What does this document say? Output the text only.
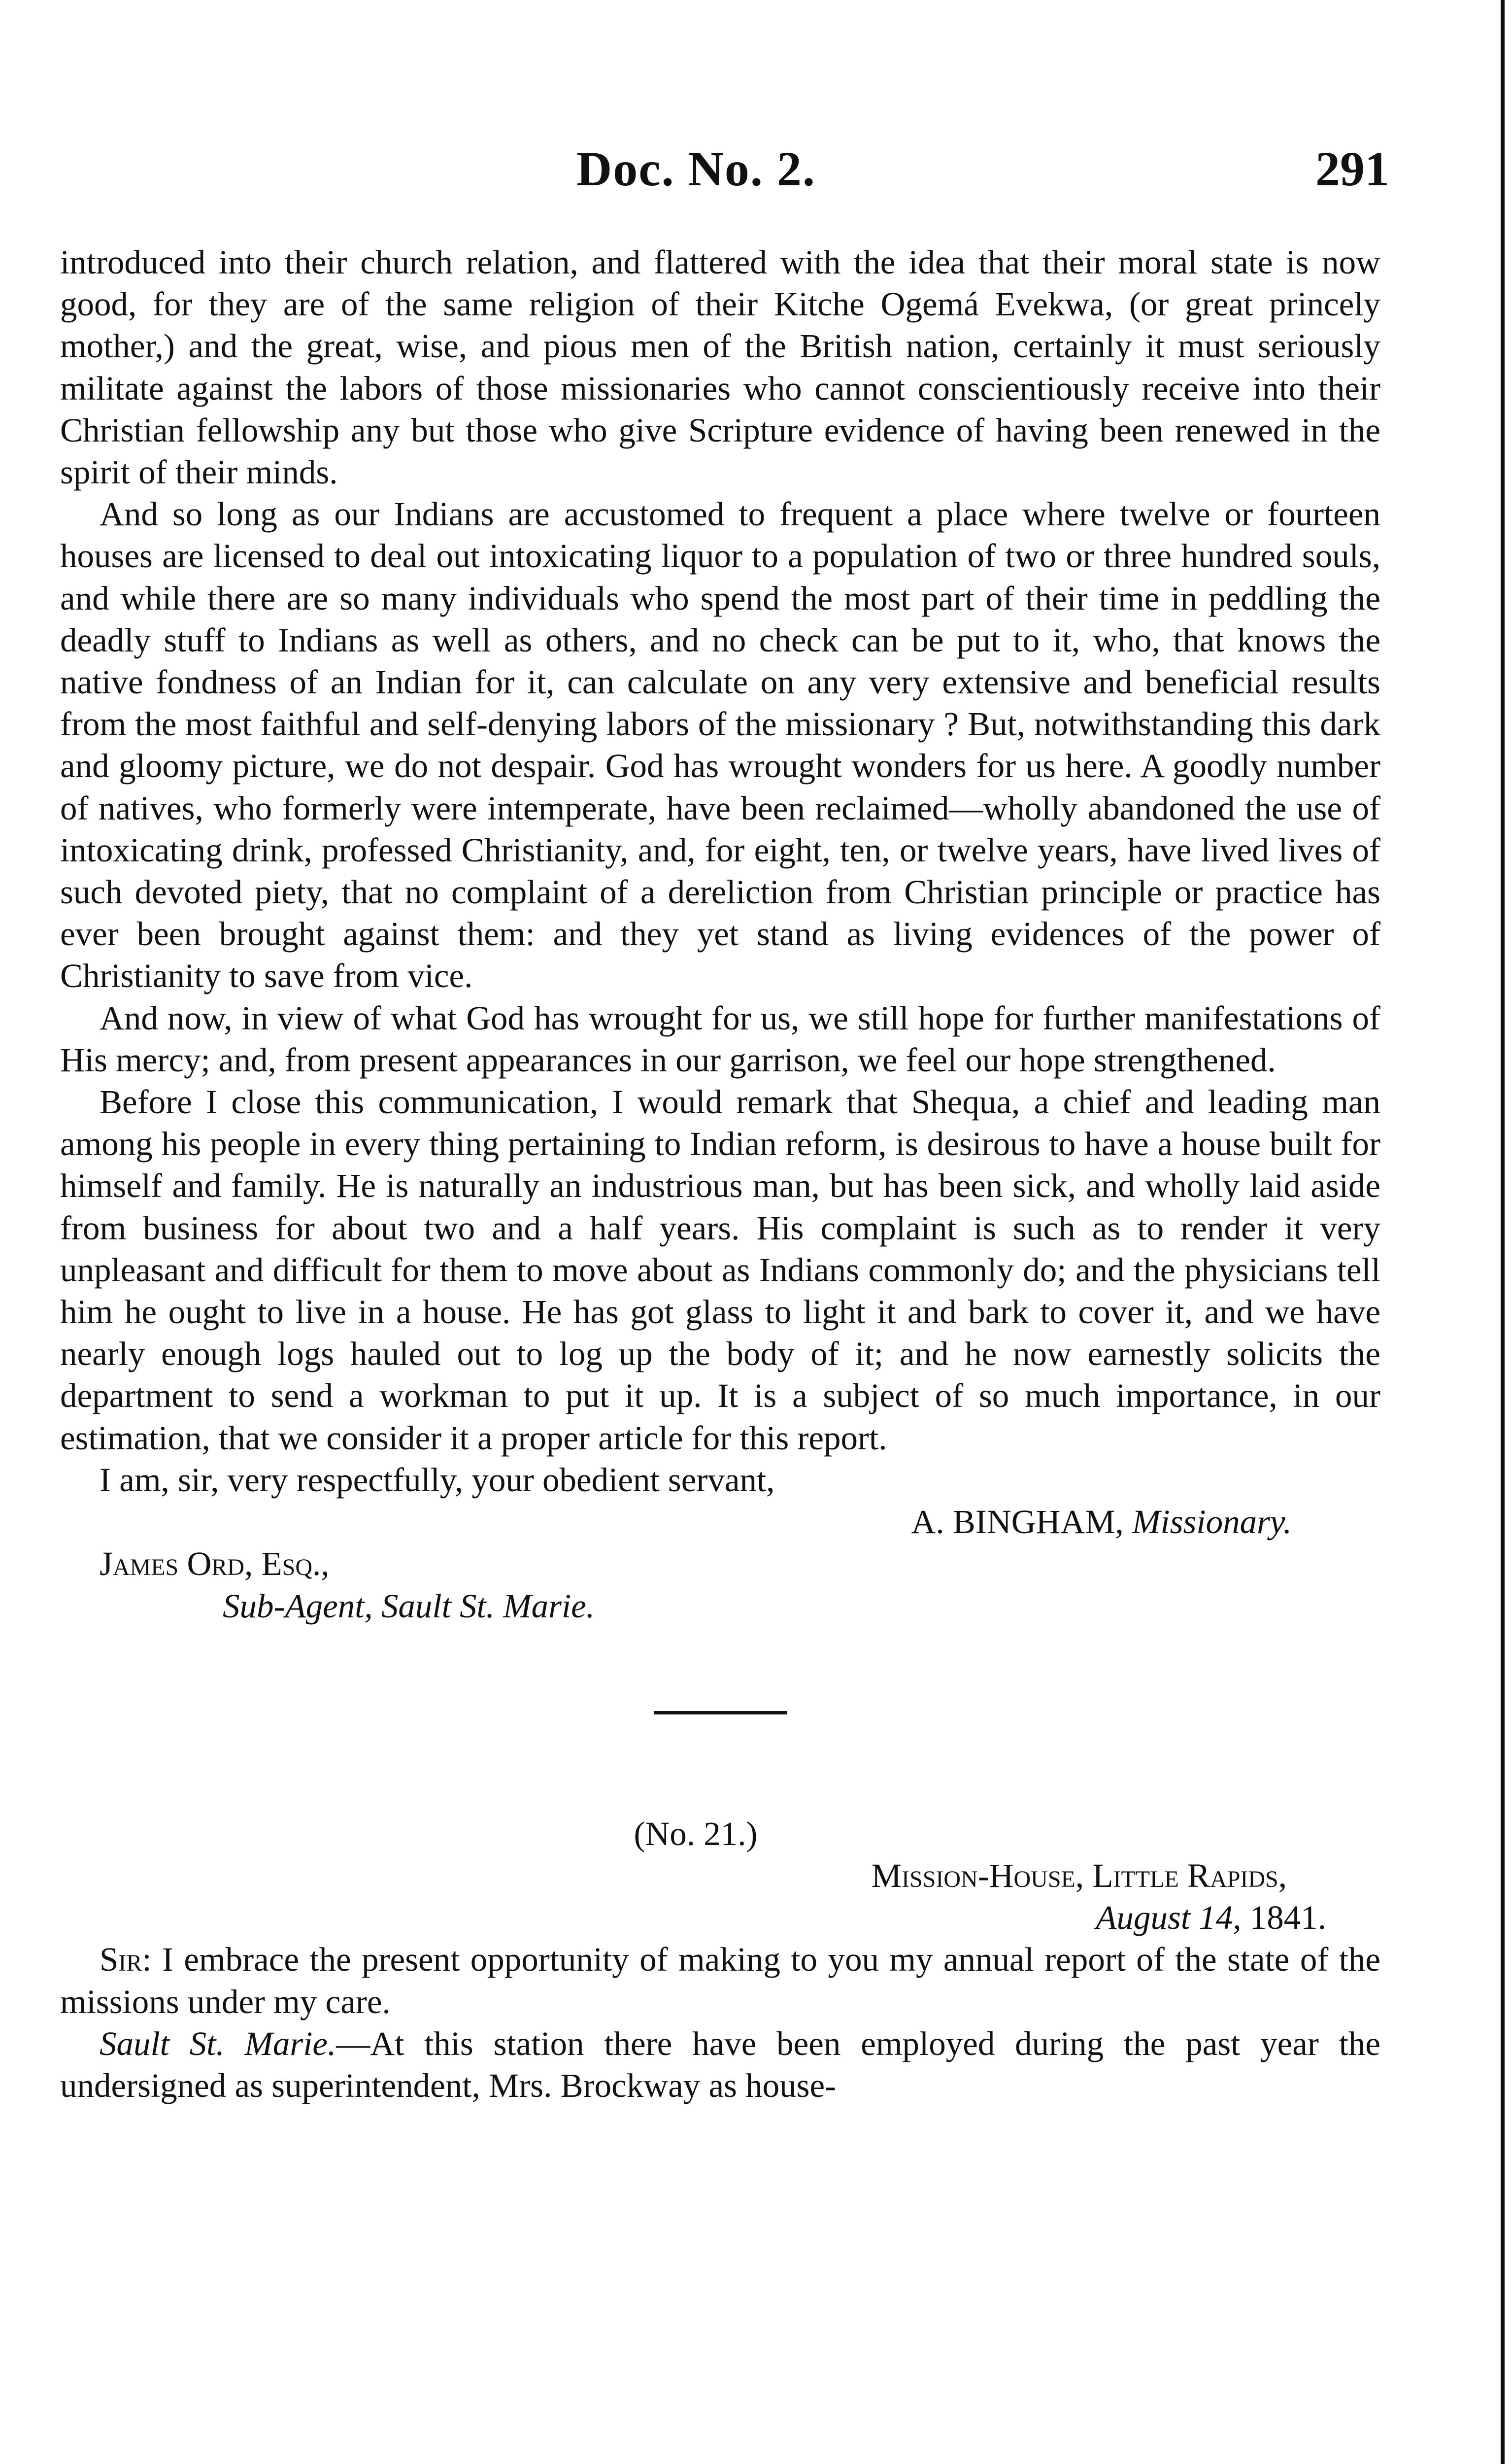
Doc. No. 2.	291

introduced into their church relation, and flattered with the idea that their moral state is now good, for they are of the same religion of their Kitche Ogemá Evekwa, (or great princely mother,) and the great, wise, and pious men of the British nation, certainly it must seriously militate against the labors of those missionaries who cannot conscientiously receive into their Christian fellowship any but those who give Scripture evidence of having been renewed in the spirit of their minds.

And so long as our Indians are accustomed to frequent a place where twelve or fourteen houses are licensed to deal out intoxicating liquor to a population of two or three hundred souls, and while there are so many individuals who spend the most part of their time in peddling the deadly stuff to Indians as well as others, and no check can be put to it, who, that knows the native fondness of an Indian for it, can calculate on any very extensive and beneficial results from the most faithful and self-denying labors of the missionary ? But, notwithstanding this dark and gloomy picture, we do not despair. God has wrought wonders for us here. A goodly number of natives, who formerly were intemperate, have been reclaimed—wholly abandoned the use of intoxicating drink, professed Christianity, and, for eight, ten, or twelve years, have lived lives of such devoted piety, that no complaint of a dereliction from Christian principle or practice has ever been brought against them: and they yet stand as living evidences of the power of Christianity to save from vice.

And now, in view of what God has wrought for us, we still hope for further manifestations of His mercy; and, from present appearances in our garrison, we feel our hope strengthened.

Before I close this communication, I would remark that Shequa, a chief and leading man among his people in every thing pertaining to Indian reform, is desirous to have a house built for himself and family. He is naturally an industrious man, but has been sick, and wholly laid aside from business for about two and a half years. His complaint is such as to render it very unpleasant and difficult for them to move about as Indians commonly do; and the physicians tell him he ought to live in a house. He has got glass to light it and bark to cover it, and we have nearly enough logs hauled out to log up the body of it; and he now earnestly solicits the department to send a workman to put it up. It is a subject of so much importance, in our estimation, that we consider it a proper article for this report.

I am, sir, very respectfully, your obedient servant,

A. BINGHAM, Missionary.

James Ord, Esq.,

Sub-Agent, Sault St. Marie.

(No. 21.)

Mission-House, Little Rapids,

August 14, 1841.

Sir: I embrace the present opportunity of making to you my annual report of the state of the missions under my care.

Sault St. Marie.—At this station there have been employed during the past year the undersigned as superintendent, Mrs. Brockway as house-
